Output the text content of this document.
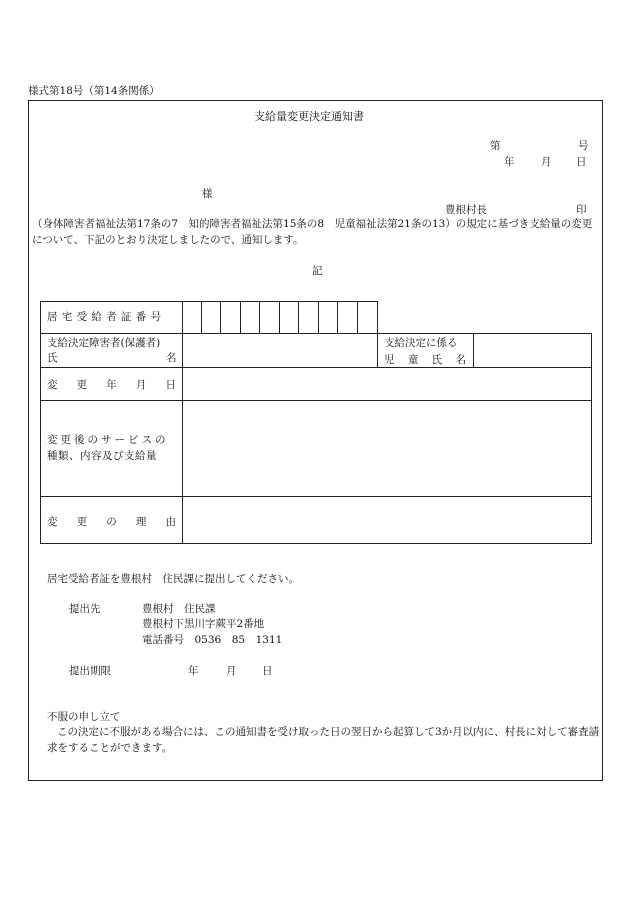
様式第18号（第14条関係）
支給量変更決定通知書
第	号
年	月 日
様
豊根村長	印
（身体障害者福祉法第17条の7　知的障害者福祉法第15条の8　児童福祉法第21条の13）の規定に基づき支給量の変更について、下記のとおり決定しましたので、通知します。
記
居宅受給者証番号
支給決定障害者(保護者)
氏	名
支給決定に係る
児 童 氏 名
変 更 年 月 日
変更後のサービスの
種類、内容及び支給量
変 更 の 理 由
居宅受給者証を豊根村　住民課に提出してください。
提出先	豊根村　住民課
豊根村下黒川字蕨平2番地
電話番号　0536　85　1311
提出期限	年	月 日
不服の申し立て
この決定に不服がある場合には、この通知書を受け取った日の翌日から起算して3か月以内に、村長に対して審査請求をすることができます。
